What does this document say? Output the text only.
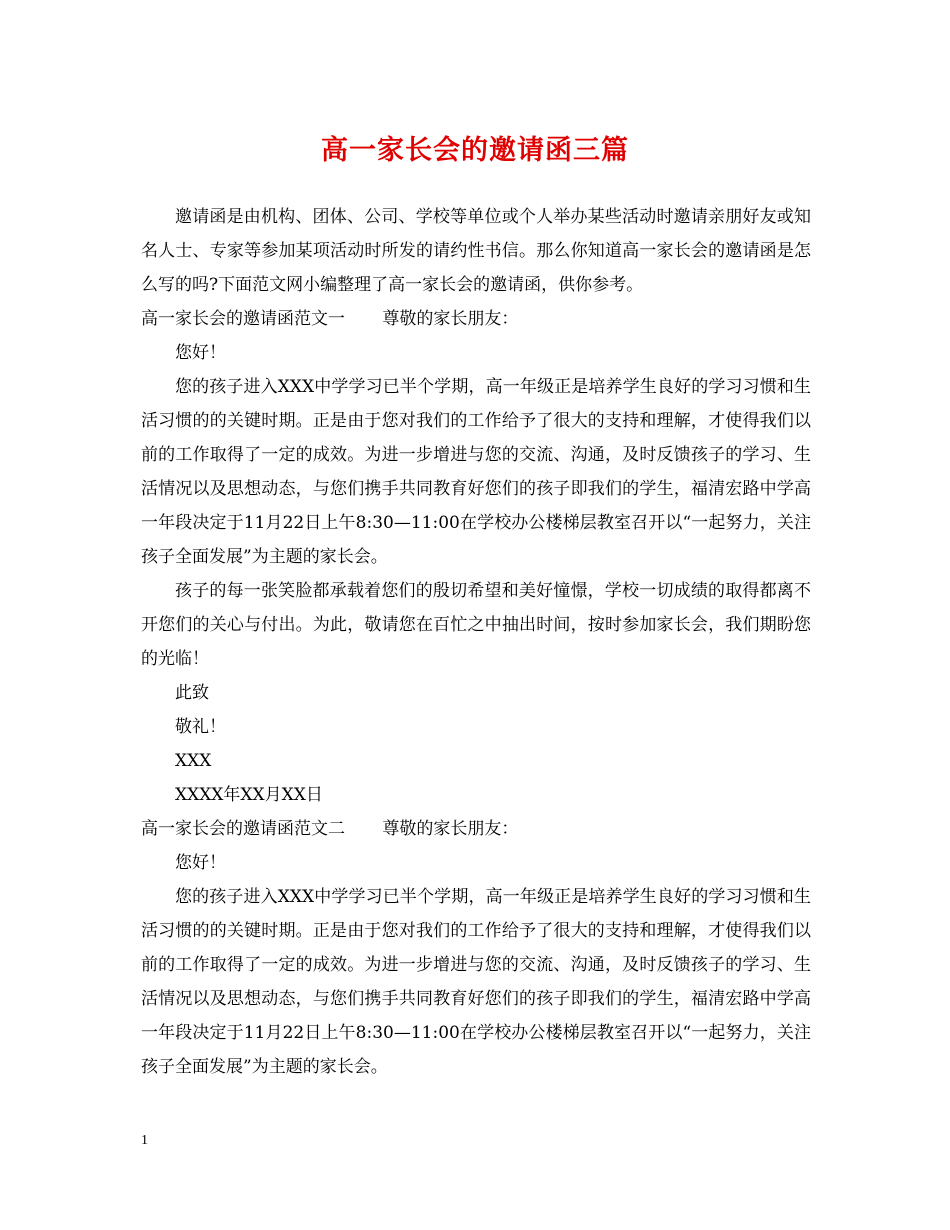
高一家长会的邀请函三篇

邀请函是由机构、团体、公司、学校等单位或个人举办某些活动时邀请亲朋好友或知名人士、专家等参加某项活动时所发的请约性书信。那么你知道高一家长会的邀请函是怎么写的吗?下面范文网小编整理了高一家长会的邀请函，供你参考。

高一家长会的邀请函范文一 尊敬的家长朋友：

您好！

您的孩子进入XXX中学学习已半个学期，高一年级正是培养学生良好的学习习惯和生活习惯的的关键时期。正是由于您对我们的工作给予了很大的支持和理解，才使得我们以前的工作取得了一定的成效。为进一步增进与您的交流、沟通，及时反馈孩子的学习、生活情况以及思想动态，与您们携手共同教育好您们的孩子即我们的学生，福清宏路中学高一年段决定于11月22日上午8:30—11:00在学校办公楼梯层教室召开以“一起努力，关注孩子全面发展”为主题的家长会。

孩子的每一张笑脸都承载着您们的殷切希望和美好憧憬，学校一切成绩的取得都离不开您们的关心与付出。为此，敬请您在百忙之中抽出时间，按时参加家长会，我们期盼您的光临！

此致

敬礼！

XXX

XXXX年XX月XX日

高一家长会的邀请函范文二 尊敬的家长朋友：

您好！

您的孩子进入XXX中学学习已半个学期，高一年级正是培养学生良好的学习习惯和生活习惯的的关键时期。正是由于您对我们的工作给予了很大的支持和理解，才使得我们以前的工作取得了一定的成效。为进一步增进与您的交流、沟通，及时反馈孩子的学习、生活情况以及思想动态，与您们携手共同教育好您们的孩子即我们的学生，福清宏路中学高一年段决定于11月22日上午8:30—11:00在学校办公楼梯层教室召开以“一起努力，关注孩子全面发展”为主题的家长会。

1
